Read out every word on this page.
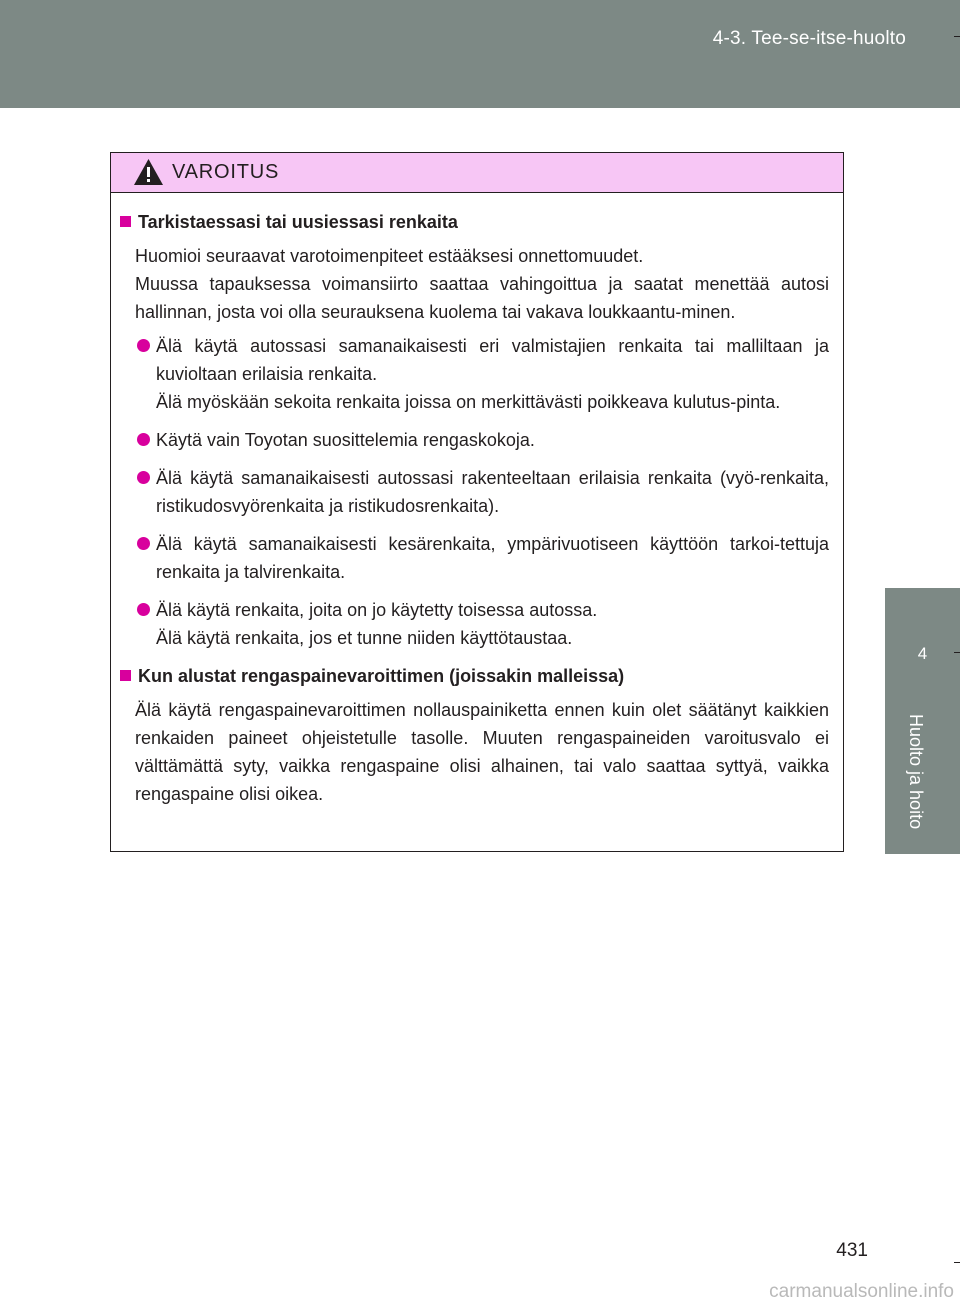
4-3. Tee-se-itse-huolto
4
Huolto ja hoito
VAROITUS
Tarkistaessasi tai uusiessasi renkaita
Huomioi seuraavat varotoimenpiteet estääksesi onnettomuudet.
Muussa tapauksessa voimansiirto saattaa vahingoittua ja saatat menettää autosi hallinnan, josta voi olla seurauksena kuolema tai vakava loukkaantu-minen.
Älä käytä autossasi samanaikaisesti eri valmistajien renkaita tai malliltaan ja kuvioltaan erilaisia renkaita.
Älä myöskään sekoita renkaita joissa on merkittävästi poikkeava kulutus-pinta.
Käytä vain Toyotan suosittelemia rengaskokoja.
Älä käytä samanaikaisesti autossasi rakenteeltaan erilaisia renkaita (vyö-renkaita, ristikudosvyörenkaita ja ristikudosrenkaita).
Älä käytä samanaikaisesti kesärenkaita, ympärivuotiseen käyttöön tarkoi-tettuja renkaita ja talvirenkaita.
Älä käytä renkaita, joita on jo käytetty toisessa autossa.
Älä käytä renkaita, jos et tunne niiden käyttötaustaa.
Kun alustat rengaspainevaroittimen (joissakin malleissa)
Älä käytä rengaspainevaroittimen nollauspainiketta ennen kuin olet säätänyt kaikkien renkaiden paineet ohjeistetulle tasolle. Muuten rengaspaineiden varoitusvalo ei välttämättä syty, vaikka rengaspaine olisi alhainen, tai valo saattaa syttyä, vaikka rengaspaine olisi oikea.
431
carmanualsonline.info
